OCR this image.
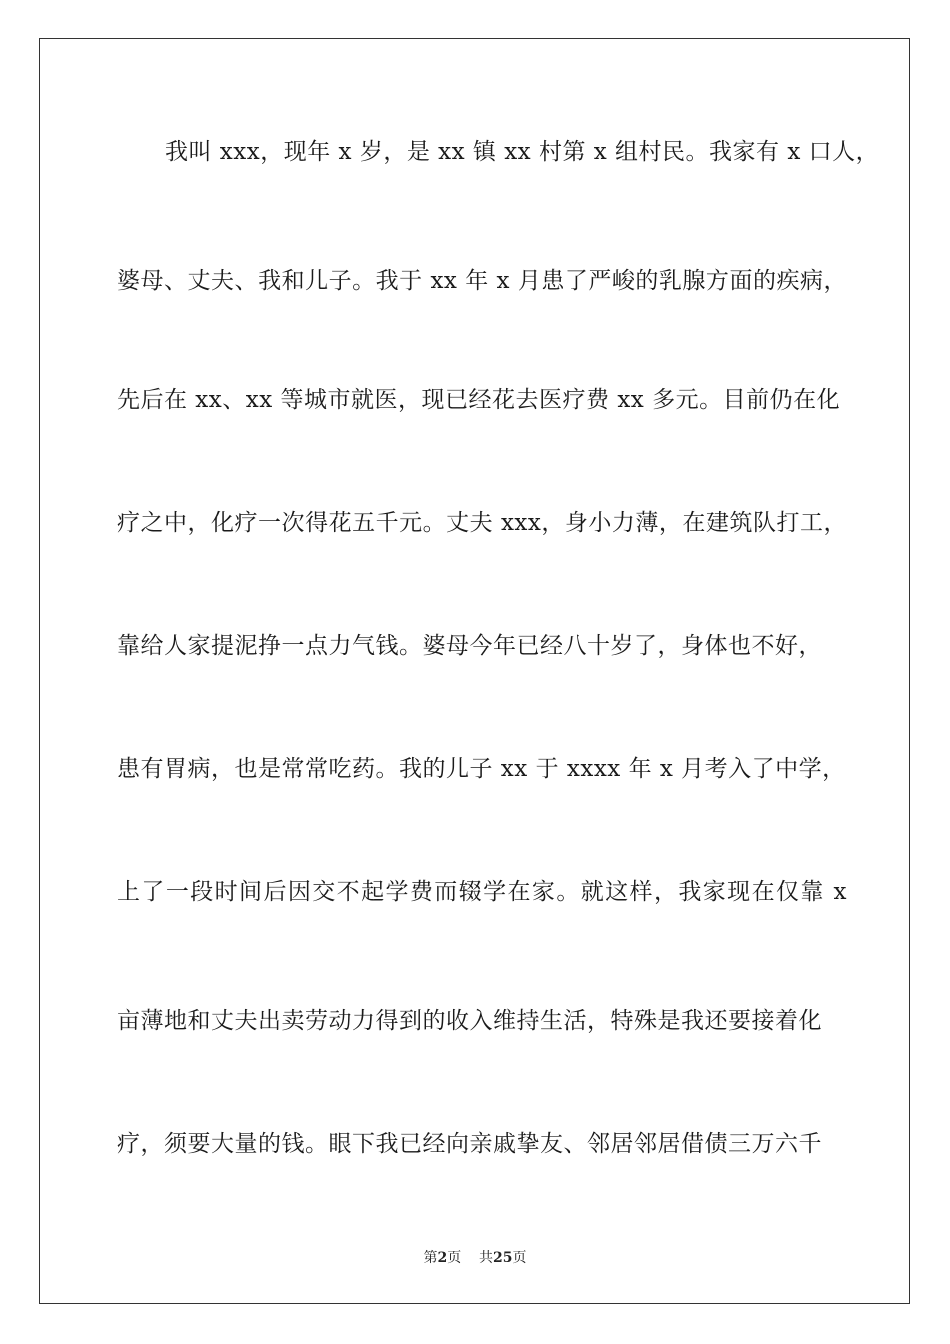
我叫 xxx，现年 x 岁，是 xx 镇 xx 村第 x 组村民。我家有 x 口人，
婆母、丈夫、我和儿子。我于 xx 年 x 月患了严峻的乳腺方面的疾病，
先后在 xx、xx 等城市就医，现已经花去医疗费 xx 多元。目前仍在化
疗之中，化疗一次得花五千元。丈夫 xxx，身小力薄，在建筑队打工，
靠给人家提泥挣一点力气钱。婆母今年已经八十岁了，身体也不好，
患有胃病，也是常常吃药。我的儿子 xx 于 xxxx 年 x 月考入了中学，
上了一段时间后因交不起学费而辍学在家。就这样，我家现在仅靠 x
亩薄地和丈夫出卖劳动力得到的收入维持生活，特殊是我还要接着化
疗，须要大量的钱。眼下我已经向亲戚挚友、邻居邻居借债三万六千
第2页 共25页
